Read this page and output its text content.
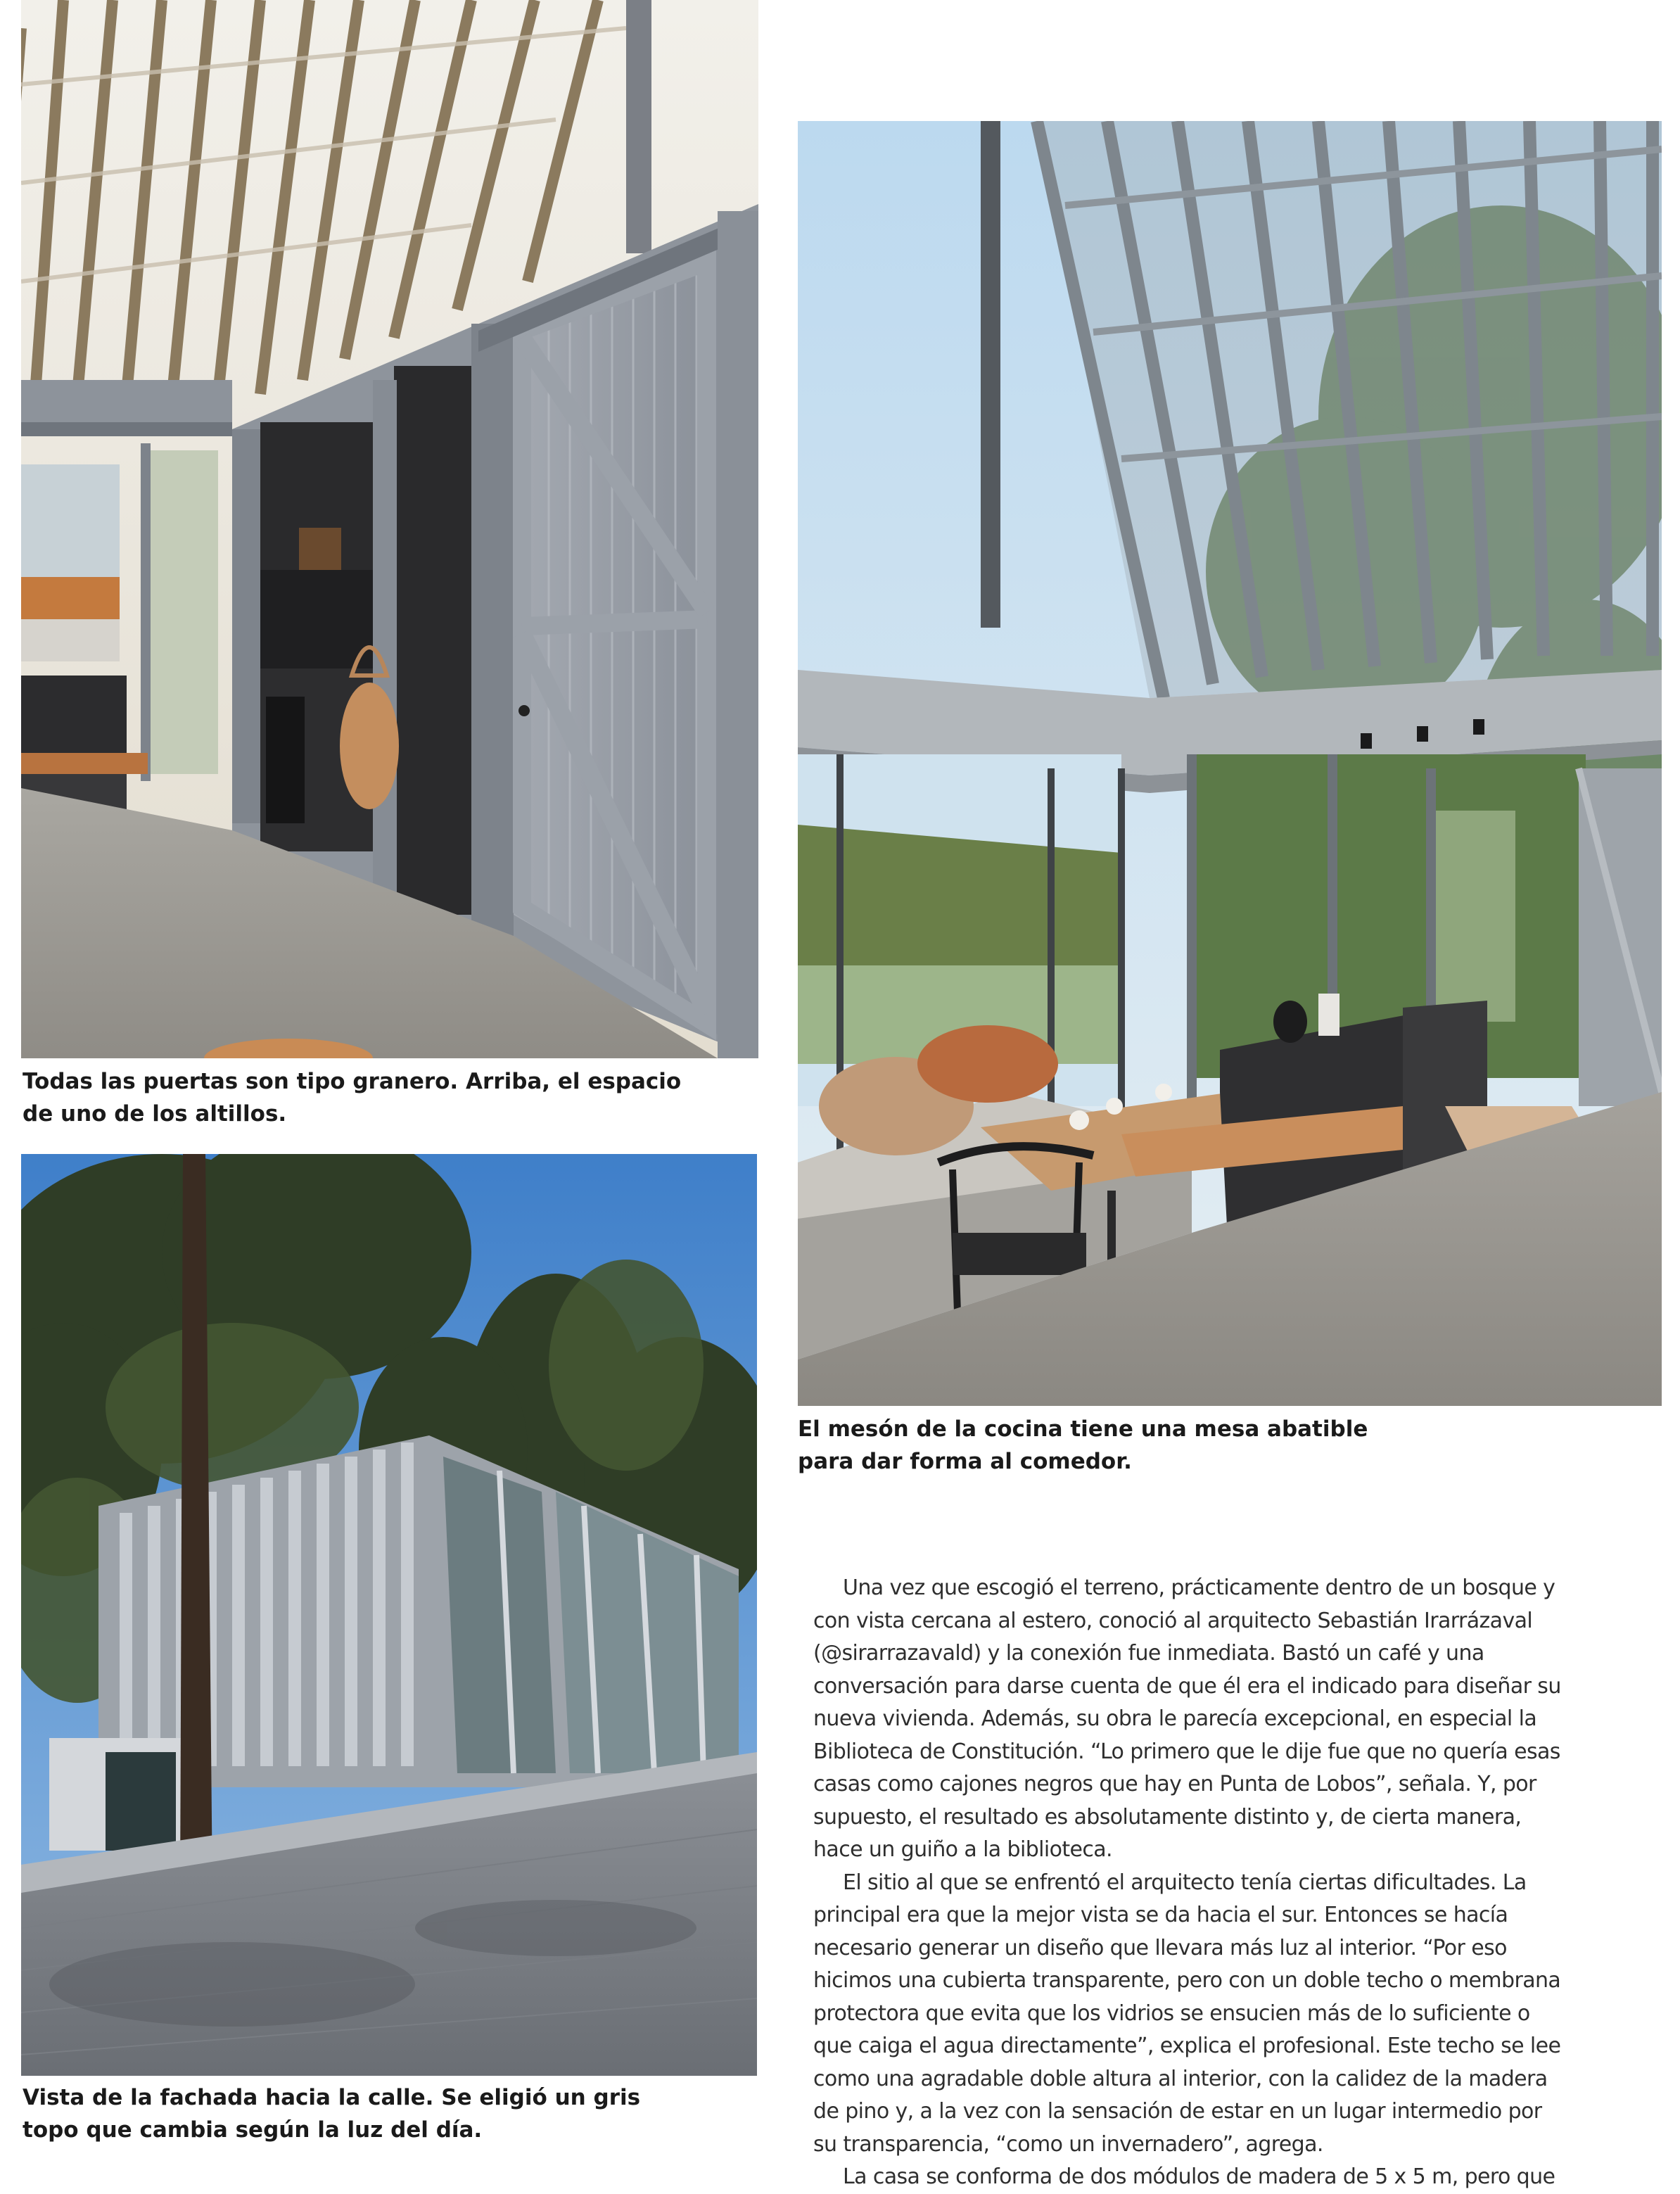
Todas las puertas son tipo granero. Arriba, el espacio
de uno de los altillos.
Vista de la fachada hacia la calle. Se eligió un gris
topo que cambia según la luz del día.
El mesón de la cocina tiene una mesa abatible
para dar forma al comedor.

Una vez que escogió el terreno, prácticamente dentro de un bosque y con vista cercana al estero, conoció al arquitecto Sebastián Irarrázaval (@sirarrazavald) y la conexión fue inmediata. Bastó un café y una conversación para darse cuenta de que él era el indicado para diseñar su nueva vivienda. Además, su obra le parecía excepcional, en especial la Biblioteca de Constitución. “Lo primero que le dije fue que no quería esas casas como cajones negros que hay en Punta de Lobos”, señala. Y, por supuesto, el resultado es absolutamente distinto y, de cierta manera, hace un guiño a la biblioteca.

El sitio al que se enfrentó el arquitecto tenía ciertas dificultades. La principal era que la mejor vista se da hacia el sur. Entonces se hacía necesario generar un diseño que llevara más luz al interior. “Por eso hicimos una cubierta transparente, pero con un doble techo o membrana protectora que evita que los vidrios se ensucien más de lo suficiente o que caiga el agua directamente”, explica el profesional. Este techo se lee como una agradable doble altura al interior, con la calidez de la madera de pino y, a la vez con la sensación de estar en un lugar intermedio por su transparencia, “como un invernadero”, agrega.

La casa se conforma de dos módulos de madera de 5 x 5 m, pero que
